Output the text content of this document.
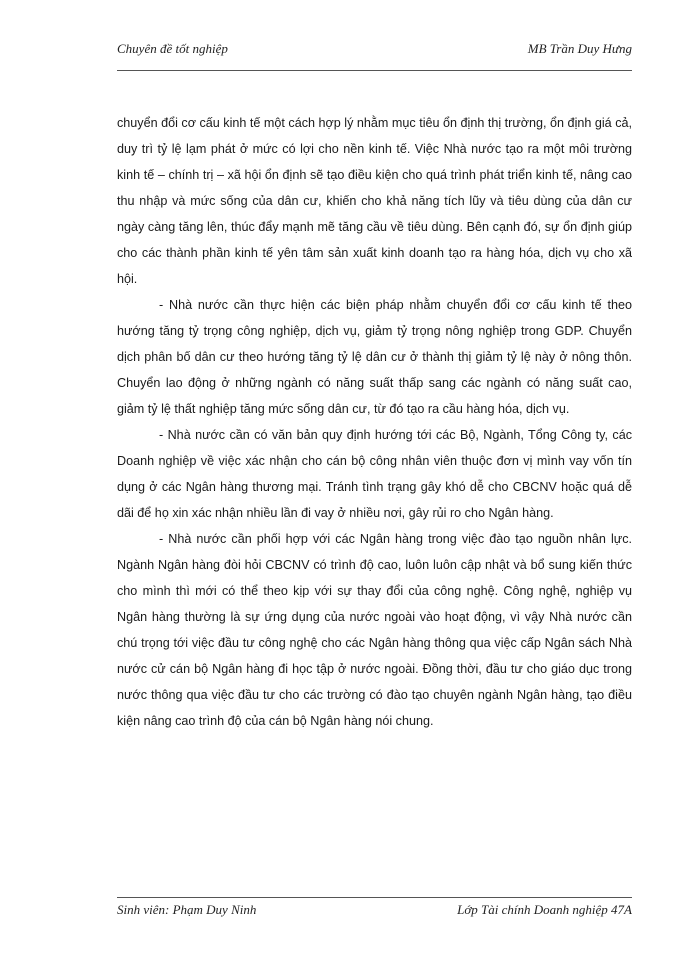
Chuyên đề tốt nghiệp	MB Trần Duy Hưng

chuyển đổi cơ cấu kinh tế một cách hợp lý nhằm mục tiêu ổn định thị trường, ổn định giá cả, duy trì tỷ lệ lạm phát ở mức có lợi cho nền kinh tế. Việc Nhà nước tạo ra một môi trường kinh tế – chính trị – xã hội ổn định sẽ tạo điều kiện cho quá trình phát triển kinh tế, nâng cao thu nhập và mức sống của dân cư, khiến cho khả năng tích lũy và tiêu dùng của dân cư ngày càng tăng lên, thúc đẩy mạnh mẽ tăng cầu về tiêu dùng. Bên cạnh đó, sự ổn định giúp cho các thành phần kinh tế yên tâm sản xuất kinh doanh tạo ra hàng hóa, dịch vụ cho xã hội.

- Nhà nước cần thực hiện các biện pháp nhằm chuyển đổi cơ cấu kinh tế theo hướng tăng tỷ trọng công nghiệp, dịch vụ, giảm tỷ trọng nông nghiệp trong GDP. Chuyển dịch phân bố dân cư theo hướng tăng tỷ lệ dân cư ở thành thị giảm tỷ lệ này ở nông thôn. Chuyển lao động ở những ngành có năng suất thấp sang các ngành có năng suất cao, giảm tỷ lệ thất nghiệp tăng mức sống dân cư, từ đó tạo ra cầu hàng hóa, dịch vụ.

- Nhà nước cần có văn bản quy định hướng tới các Bộ, Ngành, Tổng Công ty, các Doanh nghiệp về việc xác nhận cho cán bộ công nhân viên thuộc đơn vị mình vay vốn tín dụng ở các Ngân hàng thương mại. Tránh tình trạng gây khó dễ cho CBCNV hoặc quá dễ dãi để họ xin xác nhận nhiều lần đi vay ở nhiều nơi, gây rủi ro cho Ngân hàng.

- Nhà nước cần phối hợp với các Ngân hàng trong việc đào tạo nguồn nhân lực. Ngành Ngân hàng đòi hỏi CBCNV có trình độ cao, luôn luôn cập nhật và bổ sung kiến thức cho mình thì mới có thể theo kịp với sự thay đổi của công nghệ. Công nghệ, nghiệp vụ Ngân hàng thường là sự ứng dụng của nước ngoài vào hoạt động, vì vậy Nhà nước cần chú trọng tới việc đầu tư công nghệ cho các Ngân hàng thông qua việc cấp Ngân sách Nhà nước cử cán bộ Ngân hàng đi học tập ở nước ngoài. Đồng thời, đầu tư cho giáo dục trong nước thông qua việc đầu tư cho các trường có đào tạo chuyên ngành Ngân hàng, tạo điều kiện nâng cao trình độ của cán bộ Ngân hàng nói chung.

Sinh viên: Phạm Duy Ninh	Lớp Tài chính Doanh nghiệp 47A
